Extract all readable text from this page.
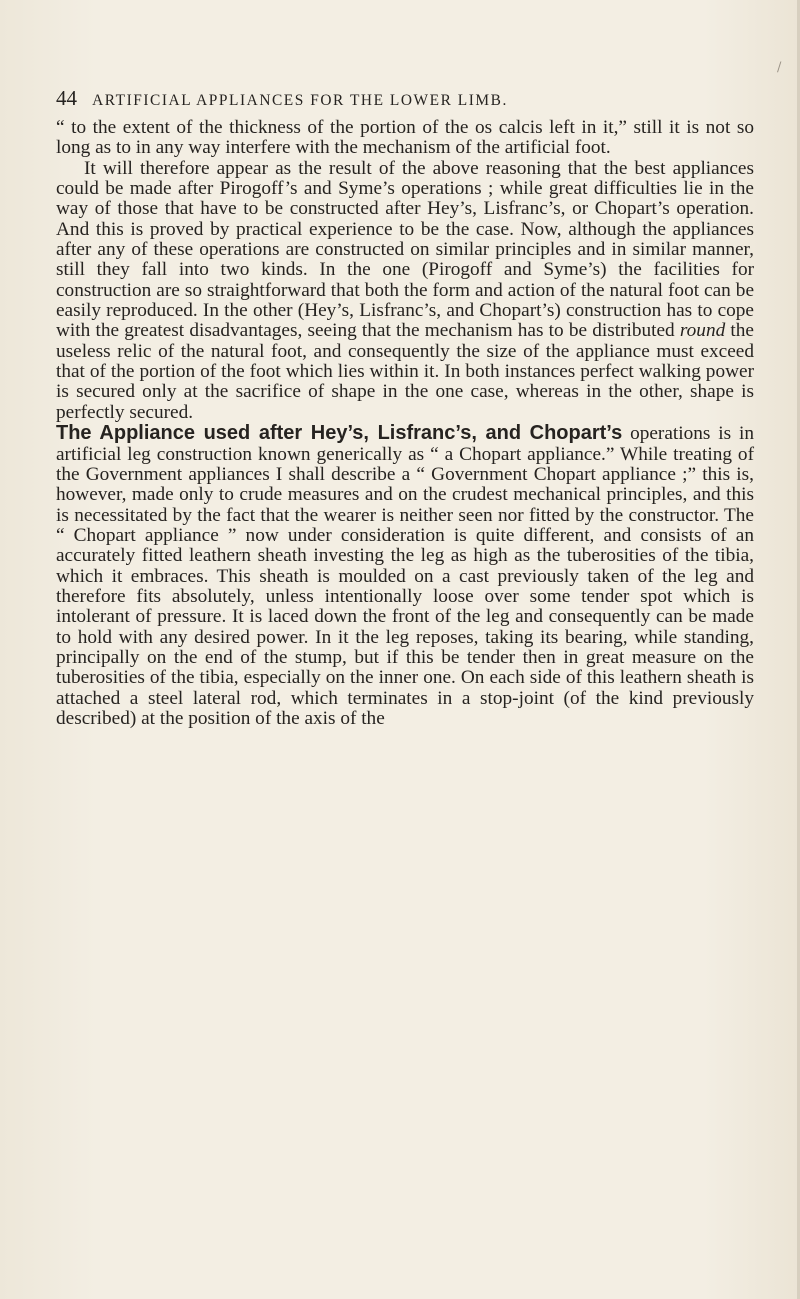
/
44 ARTIFICIAL APPLIANCES FOR THE LOWER LIMB.

“ to the extent of the thickness of the portion of the os calcis left in it,” still it is not so long as to in any way interfere with the mechanism of the artificial foot.

It will therefore appear as the result of the above reasoning that the best appliances could be made after Pirogoff’s and Syme’s operations ; while great difficulties lie in the way of those that have to be constructed after Hey’s, Lisfranc’s, or Chopart’s operation. And this is proved by practical experience to be the case. Now, although the appliances after any of these operations are constructed on similar principles and in similar manner, still they fall into two kinds. In the one (Pirogoff and Syme’s) the facilities for construction are so straightforward that both the form and action of the natural foot can be easily reproduced. In the other (Hey’s, Lisfranc’s, and Chopart’s) construction has to cope with the greatest disadvantages, seeing that the mechanism has to be distributed round the useless relic of the natural foot, and consequently the size of the appliance must exceed that of the portion of the foot which lies within it. In both instances perfect walking power is secured only at the sacrifice of shape in the one case, whereas in the other, shape is perfectly secured.

The Appliance used after Hey’s, Lisfranc’s, and Chopart’s operations is in artificial leg construction known generically as “ a Chopart appliance.” While treating of the Government appliances I shall describe a “ Government Chopart appliance ;” this is, however, made only to crude measures and on the crudest mechanical principles, and this is necessitated by the fact that the wearer is neither seen nor fitted by the constructor. The “ Chopart appliance ” now under consideration is quite different, and consists of an accurately fitted leathern sheath investing the leg as high as the tuberosities of the tibia, which it embraces. This sheath is moulded on a cast previously taken of the leg and therefore fits absolutely, unless intentionally loose over some tender spot which is intolerant of pressure. It is laced down the front of the leg and consequently can be made to hold with any desired power. In it the leg reposes, taking its bearing, while standing, principally on the end of the stump, but if this be tender then in great measure on the tuberosities of the tibia, especially on the inner one. On each side of this leathern sheath is attached a steel lateral rod, which terminates in a stop-joint (of the kind previously described) at the position of the axis of the
